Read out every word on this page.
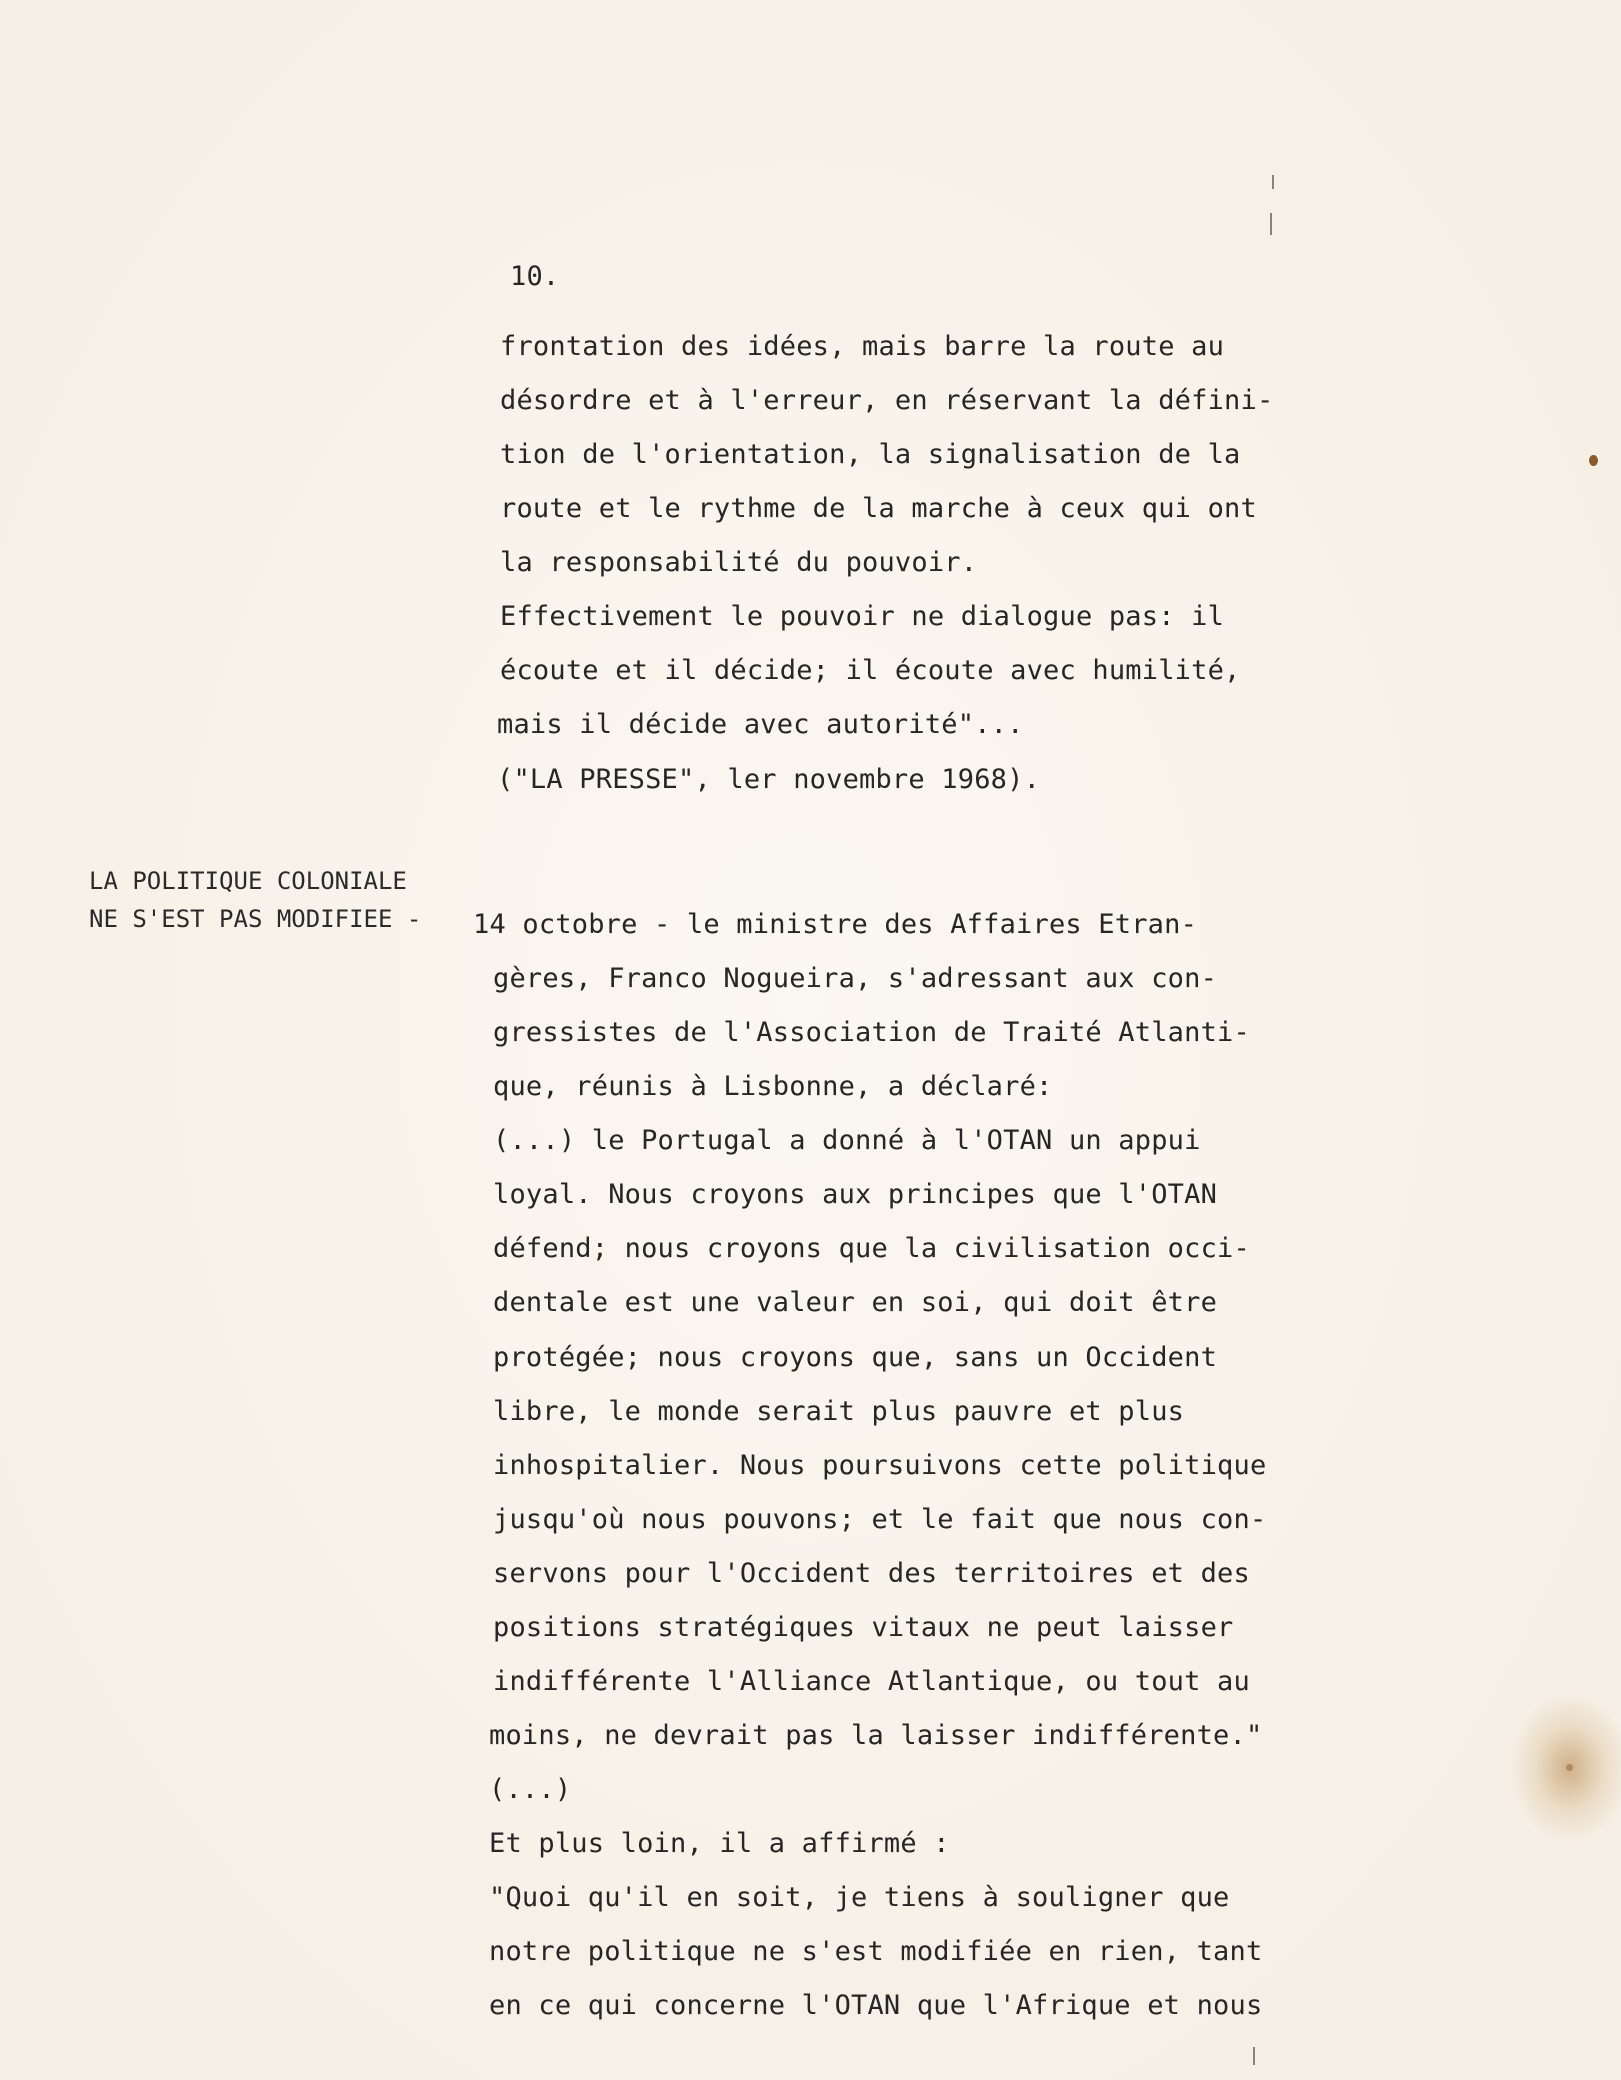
10.
frontation des idées, mais barre la route au
désordre et à l'erreur, en réservant la défini-
tion de l'orientation, la signalisation de la
route et le rythme de la marche à ceux qui ont
la responsabilité du pouvoir.
Effectivement le pouvoir ne dialogue pas: il
écoute et il décide; il écoute avec humilité,
mais il décide avec autorité"...
("LA PRESSE", ler novembre 1968).
LA POLITIQUE COLONIALE
NE S'EST PAS MODIFIEE - 14 octobre - le ministre des Affaires Etran-
gères, Franco Nogueira, s'adressant aux con-
gressistes de l'Association de Traité Atlanti-
que, réunis à Lisbonne, a déclaré:
(...) le Portugal a donné à l'OTAN un appui
loyal. Nous croyons aux principes que l'OTAN
défend; nous croyons que la civilisation occi-
dentale est une valeur en soi, qui doit être
protégée; nous croyons que, sans un Occident
libre, le monde serait plus pauvre et plus
inhospitalier. Nous poursuivons cette politique
jusqu'où nous pouvons; et le fait que nous con-
servons pour l'Occident des territoires et des
positions stratégiques vitaux ne peut laisser
indifférente l'Alliance Atlantique, ou tout au
moins, ne devrait pas la laisser indifférente."
(...)
Et plus loin, il a affirmé :
"Quoi qu'il en soit, je tiens à souligner que
notre politique ne s'est modifiée en rien, tant
en ce qui concerne l'OTAN que l'Afrique et nous
